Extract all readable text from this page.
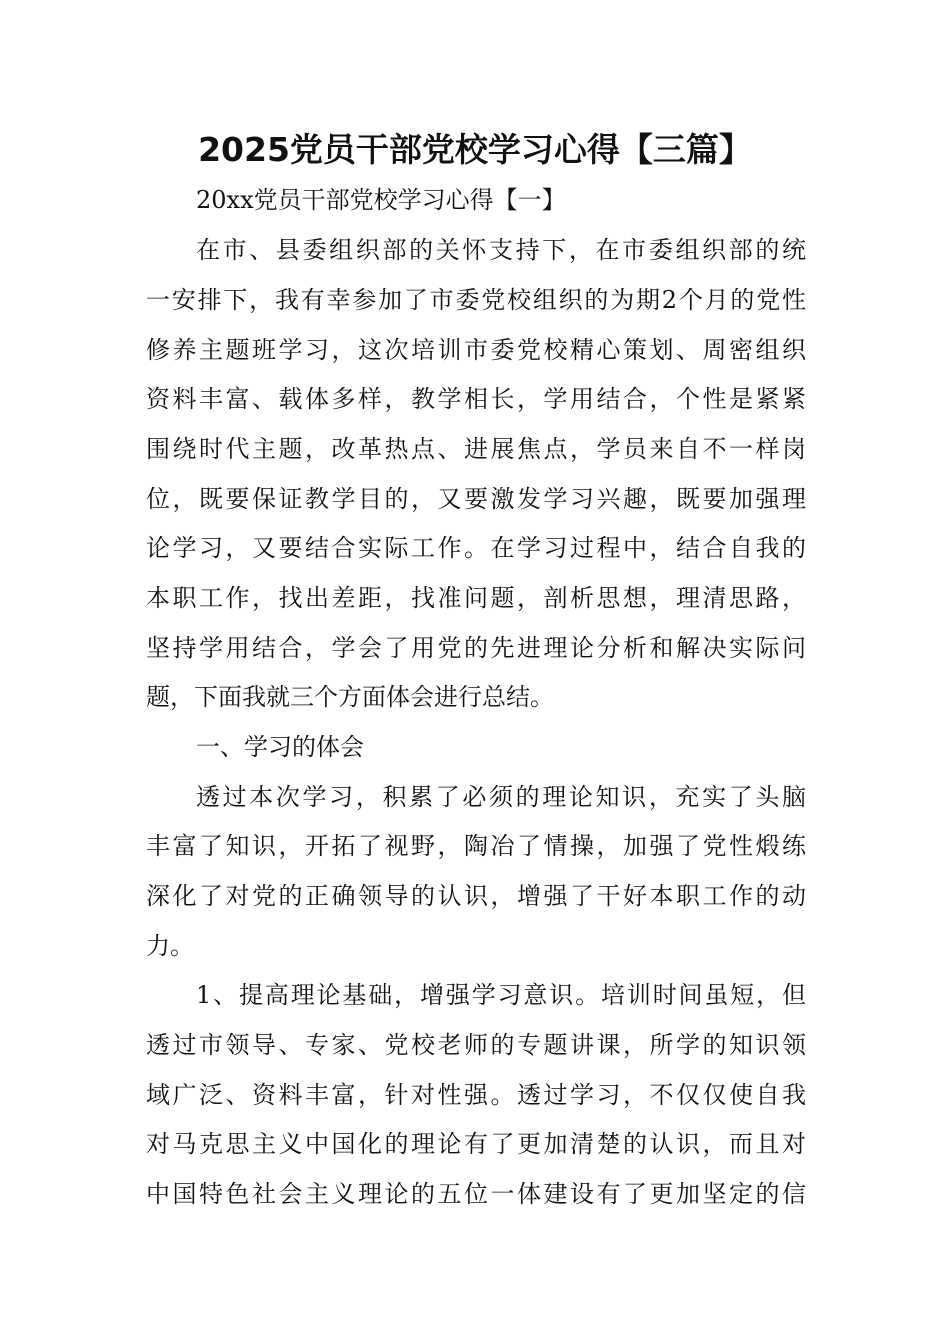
2025党员干部党校学习心得【三篇】
20xx党员干部党校学习心得【一】
在市、县委组织部的关怀支持下，在市委组织部的统
一安排下，我有幸参加了市委党校组织的为期2个月的党性
修养主题班学习，这次培训市委党校精心策划、周密组织
资料丰富、载体多样，教学相长，学用结合，个性是紧紧
围绕时代主题，改革热点、进展焦点，学员来自不一样岗
位，既要保证教学目的，又要激发学习兴趣，既要加强理
论学习，又要结合实际工作。在学习过程中，结合自我的
本职工作，找出差距，找准问题，剖析思想，理清思路，
坚持学用结合，学会了用党的先进理论分析和解决实际问
题，下面我就三个方面体会进行总结。
一、学习的体会
透过本次学习，积累了必须的理论知识，充实了头脑
丰富了知识，开拓了视野，陶冶了情操，加强了党性煅练
深化了对党的正确领导的认识，增强了干好本职工作的动
力。
1、提高理论基础，增强学习意识。培训时间虽短，但
透过市领导、专家、党校老师的专题讲课，所学的知识领
域广泛、资料丰富，针对性强。透过学习，不仅仅使自我
对马克思主义中国化的理论有了更加清楚的认识，而且对
中国特色社会主义理论的五位一体建设有了更加坚定的信
